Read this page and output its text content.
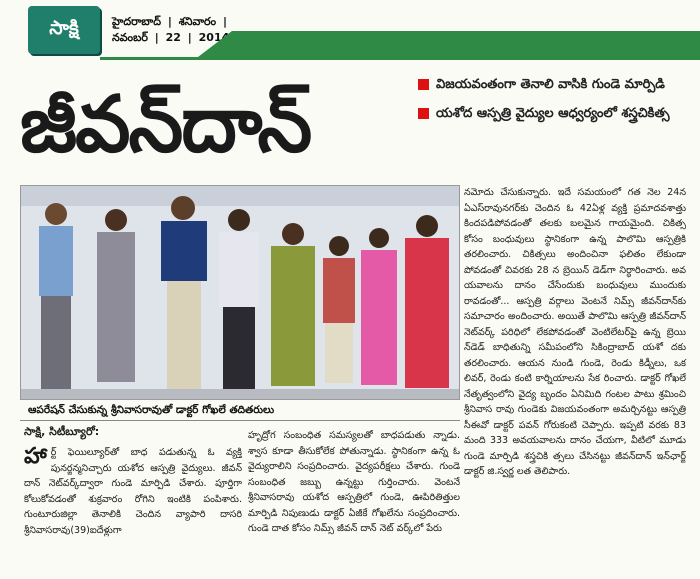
సాక్షి	హైదరాబాద్ | శనివారం |
నవంబర్ | 22 |
జీవన్‌దాన్	విజయవంతంగా తెనాలి వాసికి గుండె మార్పిడి
యశోద ఆస్పత్రి వైద్యుల ఆధ్వర్యంలో శస్త్రచికిత్స
ఆపరేషన్ చేసుకున్న శ్రీనివాసరావుతో డాక్టర్ గోఖలే తదితరులు
సాక్షి, సిటీబ్యూరో:
హా ర్ట్ ఫెయిల్యూర్‌తో బాధ పడుతున్న ఓ వ్యక్తి పునర్జన్మనిచ్చారు యశోద ఆస్పత్రి వైద్యులు. జీవన్ దాన్ నెట్‌వర్క్‌ద్వారా గుండె మార్పిడి చేశారు. పూర్తిగా కోలుకోవడంతో శుక్రవారం రోగిని ఇంటికి పంపిశారు. గుంటూరుజిల్లా తెనాలికి చెందిన వ్యాపారి దాసరి శ్రీనివాసరావు(39)ఐదేళ్లుగా
హృద్రోగ సంబంధిత సమస్యలతో బాధపడుతు న్నాడు. శ్వాస కూడా తీసుకోలేక పోతున్నాడు. స్థానికంగా ఉన్న ఓ వైద్యురాలిని సంప్రదించారు. వైద్యపరీక్షలు చేశారు. గుండె సంబంధిత జబ్బు ఉన్నట్టు గుర్తించారు. వెంటనే శ్రీనివాసరావు యశోద ఆస్పత్రిలో గుండె, ఊపిరితిత్తుల మార్పిడి నిపుణుడు డాక్టర్ ఏజీకే గోఖలేను సంప్రదించారు. గుండె దాత కోసం నిమ్స్ జీవన్ దాన్ నెట్ వర్క్‌లో పేరు
నమోదు చేసుకున్నారు. ఇదే సమయంలో గత నెల 24న ఏఎస్‌రావునగర్‌కు చెందిన ఓ 42ఏళ్ల వ్యక్తి ప్రమాదవశాత్తు కిందపడిపోవడంతో తలకు బలమైన గాయమైంది. చికిత్స కోసం బంధువులు స్థానికంగా ఉన్న పాలొమి ఆస్పత్రికి తరలించారు. చికిత్సలు అందించినా ఫలితం లేకుండా పోవడంతో చివరకు 28 న బ్రెయిన్ డెడ్‌గా నిర్ధారించారు. అవ యవాలను దానం చేసేందుకు బంధువులు ముందుకు రావడంతో... ఆస్పత్రి వర్గాలు వెంటనే నిమ్స్ జీవన్‌దాన్‌కు సమాచారం అందించారు. అయితే పాలొమి ఆస్పత్రి జీవన్‌దాన్ నెట్‌వర్క్ పరిధిలో లేకపోవడంతో వెంటిలేటర్‌పై ఉన్న బ్రెయి న్‌డెడ్ బాధితున్ని సమీపంలోని సికింద్రాబాద్ యశో దకు తరలించారు. ఆయన నుండి గుండె, రెండు కిడ్నీలు, ఒక లివర్, రెండు కంటి కార్నియాలను సేక రించారు. డాక్టర్ గోఖలే నేతృత్వంలోని వైద్య బృందం ఏనిమిది గంటల పాటు శ్రమించి శ్రీనివాస రావు గుండెకు విజయవంతంగా అమర్చినట్టు ఆస్పత్రి సీఈవో డాక్టర్ పవన్ గోరుకంటి చెప్పారు. ఇప్పటి వరకు 83 మంది 333 అవయవాలను దానం చేయగా, వీటిలో మూడు గుండె మార్పిడి శస్త్రచికి త్సలు చేసినట్టు జీవన్‌దాన్ ఇన్‌ఛార్జ్ డాక్టర్ జి.స్వర్ణ లత తెలిపారు.
